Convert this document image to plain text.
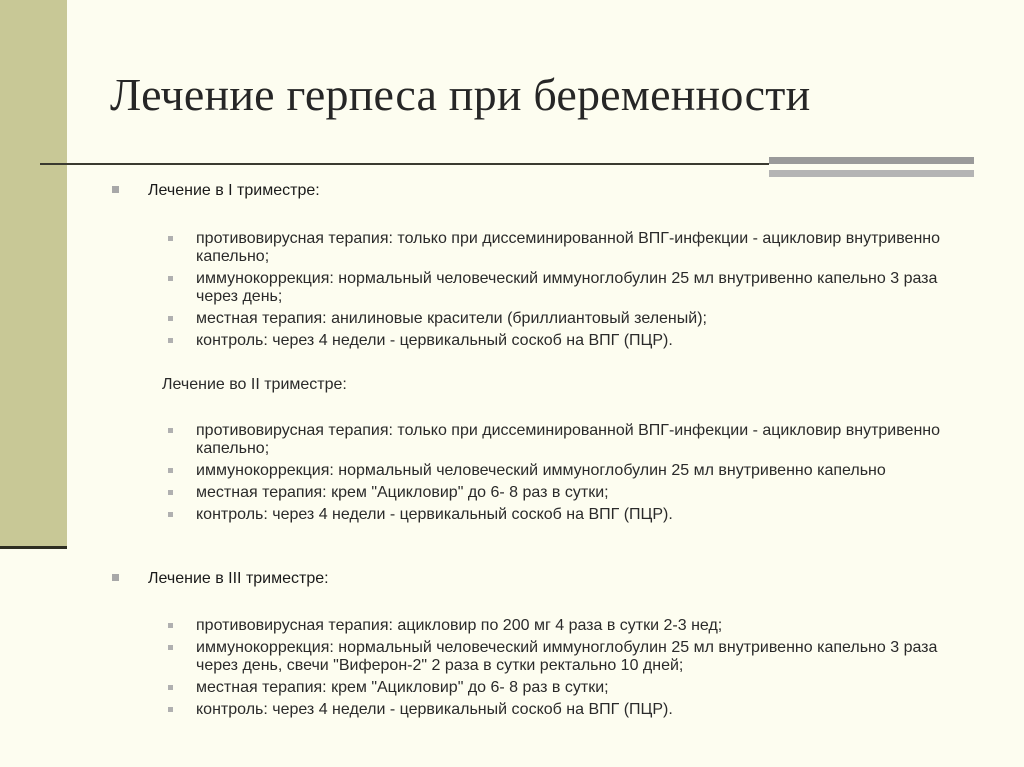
Лечение герпеса при беременности
Лечение в I триместре:
противовирусная терапия: только при диссеминированной ВПГ-инфекции - ацикловир внутривенно капельно;
иммунокоррекция: нормальный человеческий иммуноглобулин 25 мл внутривенно капельно 3 раза через день;
местная терапия: анилиновые красители (бриллиантовый зеленый);
контроль: через 4 недели - цервикальный соскоб на ВПГ (ПЦР).
Лечение во II триместре:
противовирусная терапия: только при диссеминированной ВПГ-инфекции - ацикловир внутривенно капельно;
иммунокоррекция: нормальный человеческий иммуноглобулин 25 мл внутривенно капельно
местная терапия: крем "Ацикловир" до 6- 8 раз в сутки;
контроль: через 4 недели - цервикальный соскоб на ВПГ (ПЦР).
Лечение в III триместре:
противовирусная терапия: ацикловир по 200 мг 4 раза в сутки 2-3 нед;
иммунокоррекция: нормальный человеческий иммуноглобулин 25 мл внутривенно капельно 3 раза через день, свечи "Виферон-2" 2 раза в сутки ректально 10 дней;
местная терапия: крем "Ацикловир" до 6- 8 раз в сутки;
контроль: через 4 недели - цервикальный соскоб на ВПГ (ПЦР).
